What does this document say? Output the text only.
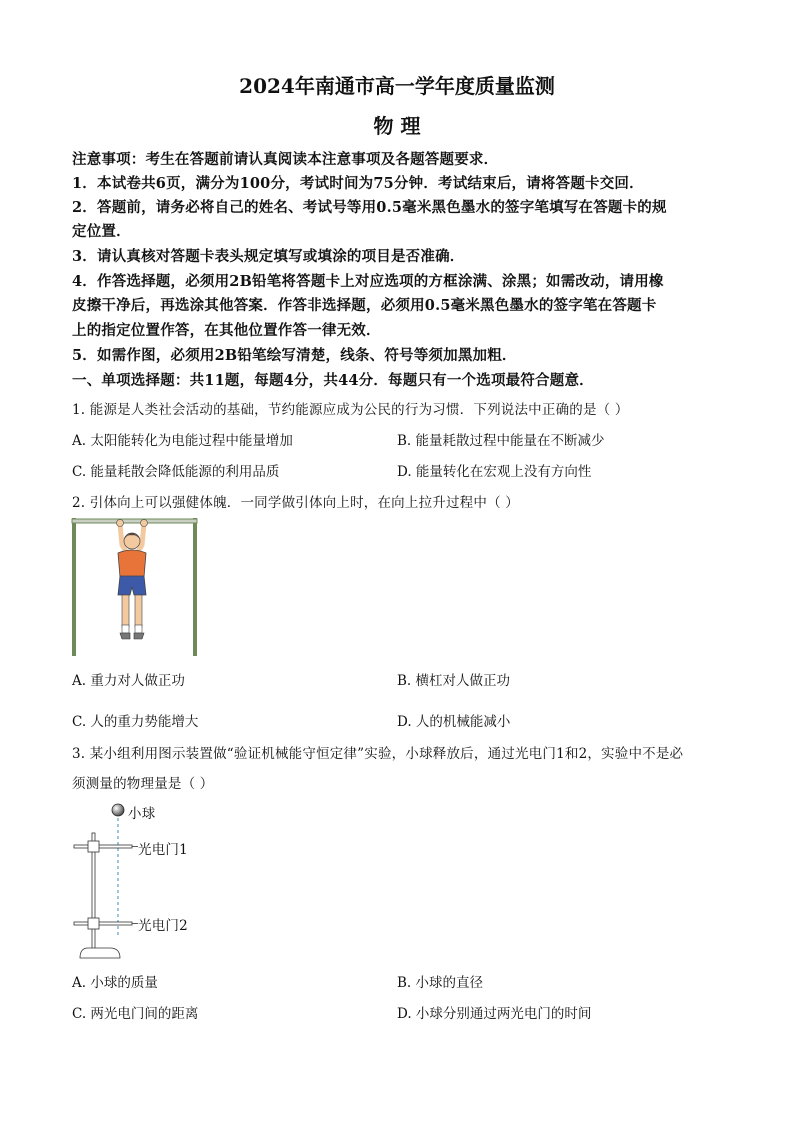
2024年南通市高一学年度质量监测
物 理
注意事项：考生在答题前请认真阅读本注意事项及各题答题要求．
1．本试卷共6页，满分为100分，考试时间为75分钟．考试结束后，请将答题卡交回．
2．答题前，请务必将自己的姓名、考试号等用0.5毫米黑色墨水的签字笔填写在答题卡的规
定位置．
3．请认真核对答题卡表头规定填写或填涂的项目是否准确．
4．作答选择题，必须用2B铅笔将答题卡上对应选项的方框涂满、涂黑；如需改动，请用橡
皮擦干净后，再选涂其他答案．作答非选择题，必须用0.5毫米黑色墨水的签字笔在答题卡
上的指定位置作答，在其他位置作答一律无效．
5．如需作图，必须用2B铅笔绘写清楚，线条、符号等须加黑加粗．
一、单项选择题：共11题，每题4分，共44分．每题只有一个选项最符合题意．
1. 能源是人类社会活动的基础，节约能源应成为公民的行为习惯．下列说法中正确的是（ ）
A. 太阳能转化为电能过程中能量增加	B. 能量耗散过程中能量在不断减少
C. 能量耗散会降低能源的利用品质	D. 能量转化在宏观上没有方向性
2. 引体向上可以强健体魄．一同学做引体向上时，在向上拉升过程中（ ）
A. 重力对人做正功	B. 横杠对人做正功
C. 人的重力势能增大	D. 人的机械能减小
3. 某小组利用图示装置做“验证机械能守恒定律”实验，小球释放后，通过光电门1和2，实验中不是必
须测量的物理量是（ ）
小球
光电门1
光电门2
A. 小球的质量	B. 小球的直径
C. 两光电门间的距离	D. 小球分别通过两光电门的时间
